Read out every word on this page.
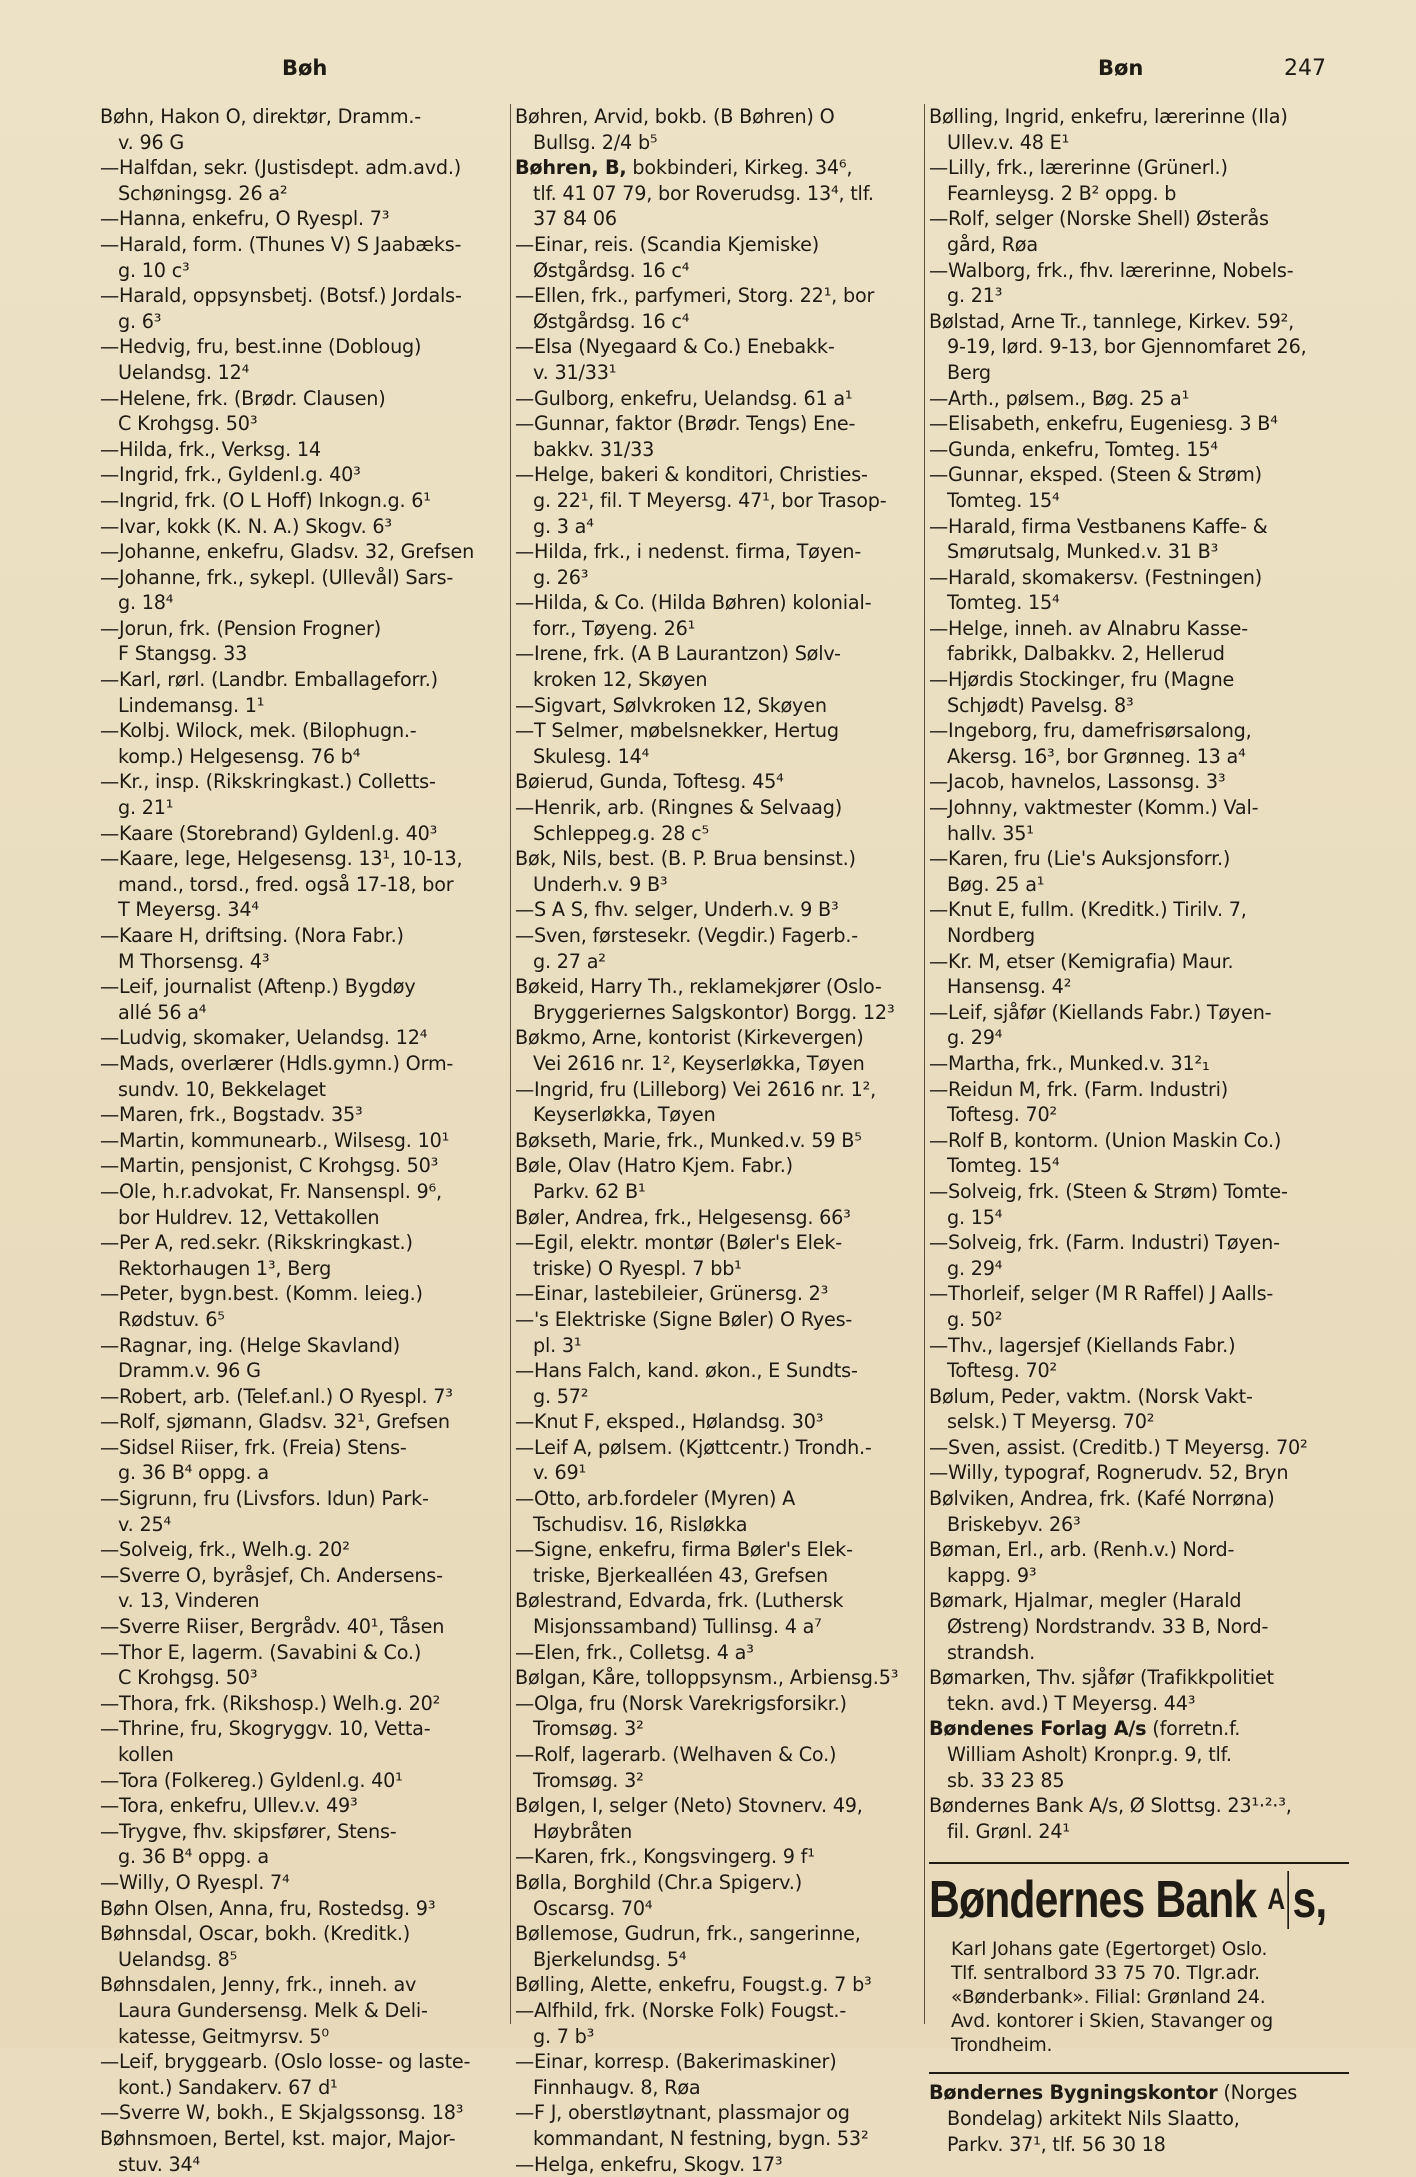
Bøh	Bøn	247
Bøhn, Hakon O, direktør, Dramm.-
v. 96 G
—Halfdan, sekr. (Justisdept. adm.avd.)
Schøningsg. 26 a²
—Hanna, enkefru, O Ryespl. 7³
—Harald, form. (Thunes V) S Jaabæks-
g. 10 c³
—Harald, oppsynsbetj. (Botsf.) Jordals-
g. 6³
—Hedvig, fru, best.inne (Dobloug)
Uelandsg. 12⁴
—Helene, frk. (Brødr. Clausen)
C Krohgsg. 50³
—Hilda, frk., Verksg. 14
—Ingrid, frk., Gyldenl.g. 40³
—Ingrid, frk. (O L Hoff) Inkogn.g. 6¹
—Ivar, kokk (K. N. A.) Skogv. 6³
—Johanne, enkefru, Gladsv. 32, Grefsen
—Johanne, frk., sykepl. (Ullevål) Sars-
g. 18⁴
—Jorun, frk. (Pension Frogner)
F Stangsg. 33
—Karl, rørl. (Landbr. Emballageforr.)
Lindemansg. 1¹
—Kolbj. Wilock, mek. (Bilophugn.-
komp.) Helgesensg. 76 b⁴
—Kr., insp. (Rikskringkast.) Colletts-
g. 21¹
—Kaare (Storebrand) Gyldenl.g. 40³
—Kaare, lege, Helgesensg. 13¹, 10-13,
mand., torsd., fred. også 17-18, bor
T Meyersg. 34⁴
—Kaare H, driftsing. (Nora Fabr.)
M Thorsensg. 4³
—Leif, journalist (Aftenp.) Bygdøy
allé 56 a⁴
—Ludvig, skomaker, Uelandsg. 12⁴
—Mads, overlærer (Hdls.gymn.) Orm-
sundv. 10, Bekkelaget
—Maren, frk., Bogstadv. 35³
—Martin, kommunearb., Wilsesg. 10¹
—Martin, pensjonist, C Krohgsg. 50³
—Ole, h.r.advokat, Fr. Nansenspl. 9⁶,
bor Huldrev. 12, Vettakollen
—Per A, red.sekr. (Rikskringkast.)
Rektorhaugen 1³, Berg
—Peter, bygn.best. (Komm. leieg.)
Rødstuv. 6⁵
—Ragnar, ing. (Helge Skavland)
Dramm.v. 96 G
—Robert, arb. (Telef.anl.) O Ryespl. 7³
—Rolf, sjømann, Gladsv. 32¹, Grefsen
—Sidsel Riiser, frk. (Freia) Stens-
g. 36 B⁴ oppg. a
—Sigrunn, fru (Livsfors. Idun) Park-
v. 25⁴
—Solveig, frk., Welh.g. 20²
—Sverre O, byråsjef, Ch. Andersens-
v. 13, Vinderen
—Sverre Riiser, Bergrådv. 40¹, Tåsen
—Thor E, lagerm. (Savabini & Co.)
C Krohgsg. 50³
—Thora, frk. (Rikshosp.) Welh.g. 20²
—Thrine, fru, Skogryggv. 10, Vetta-
kollen
—Tora (Folkereg.) Gyldenl.g. 40¹
—Tora, enkefru, Ullev.v. 49³
—Trygve, fhv. skipsfører, Stens-
g. 36 B⁴ oppg. a
—Willy, O Ryespl. 7⁴
Bøhn Olsen, Anna, fru, Rostedsg. 9³
Bøhnsdal, Oscar, bokh. (Kreditk.)
Uelandsg. 8⁵
Bøhnsdalen, Jenny, frk., inneh. av
Laura Gundersensg. Melk & Deli-
katesse, Geitmyrsv. 5⁰
—Leif, bryggearb. (Oslo losse- og laste-
kont.) Sandakerv. 67 d¹
—Sverre W, bokh., E Skjalgssonsg. 18³
Bøhnsmoen, Bertel, kst. major, Major-
stuv. 34⁴
Bøhren, Arvid, bokb. (B Bøhren) O
Bullsg. 2/4 b⁵
Bøhren, B, bokbinderi, Kirkeg. 34⁶,
tlf. 41 07 79, bor Roverudsg. 13⁴, tlf.
37 84 06
—Einar, reis. (Scandia Kjemiske)
Østgårdsg. 16 c⁴
—Ellen, frk., parfymeri, Storg. 22¹, bor
Østgårdsg. 16 c⁴
—Elsa (Nyegaard & Co.) Enebakk-
v. 31/33¹
—Gulborg, enkefru, Uelandsg. 61 a¹
—Gunnar, faktor (Brødr. Tengs) Ene-
bakkv. 31/33
—Helge, bakeri & konditori, Christies-
g. 22¹, fil. T Meyersg. 47¹, bor Trasop-
g. 3 a⁴
—Hilda, frk., i nedenst. firma, Tøyen-
g. 26³
—Hilda, & Co. (Hilda Bøhren) kolonial-
forr., Tøyeng. 26¹
—Irene, frk. (A B Laurantzon) Sølv-
kroken 12, Skøyen
—Sigvart, Sølvkroken 12, Skøyen
—T Selmer, møbelsnekker, Hertug
Skulesg. 14⁴
Bøierud, Gunda, Toftesg. 45⁴
—Henrik, arb. (Ringnes & Selvaag)
Schleppeg.g. 28 c⁵
Bøk, Nils, best. (B. P. Brua bensinst.)
Underh.v. 9 B³
—S A S, fhv. selger, Underh.v. 9 B³
—Sven, førstesekr. (Vegdir.) Fagerb.-
g. 27 a²
Bøkeid, Harry Th., reklamekjører (Oslo-
Bryggeriernes Salgskontor) Borgg. 12³
Bøkmo, Arne, kontorist (Kirkevergen)
Vei 2616 nr. 1², Keyserløkka, Tøyen
—Ingrid, fru (Lilleborg) Vei 2616 nr. 1²,
Keyserløkka, Tøyen
Bøkseth, Marie, frk., Munked.v. 59 B⁵
Bøle, Olav (Hatro Kjem. Fabr.)
Parkv. 62 B¹
Bøler, Andrea, frk., Helgesensg. 66³
—Egil, elektr. montør (Bøler's Elek-
triske) O Ryespl. 7 bb¹
—Einar, lastebileier, Grünersg. 2³
—'s Elektriske (Signe Bøler) O Ryes-
pl. 3¹
—Hans Falch, kand. økon., E Sundts-
g. 57²
—Knut F, eksped., Hølandsg. 30³
—Leif A, pølsem. (Kjøttcentr.) Trondh.-
v. 69¹
—Otto, arb.fordeler (Myren) A
Tschudisv. 16, Risløkka
—Signe, enkefru, firma Bøler's Elek-
triske, Bjerkealléen 43, Grefsen
Bølestrand, Edvarda, frk. (Luthersk
Misjonssamband) Tullinsg. 4 a⁷
—Elen, frk., Colletsg. 4 a³
Bølgan, Kåre, tolloppsynsm., Arbiensg.5³
—Olga, fru (Norsk Varekrigsforsikr.)
Tromsøg. 3²
—Rolf, lagerarb. (Welhaven & Co.)
Tromsøg. 3²
Bølgen, I, selger (Neto) Stovnerv. 49,
Høybråten
—Karen, frk., Kongsvingerg. 9 f¹
Bølla, Borghild (Chr.a Spigerv.)
Oscarsg. 70⁴
Bøllemose, Gudrun, frk., sangerinne,
Bjerkelundsg. 5⁴
Bølling, Alette, enkefru, Fougst.g. 7 b³
—Alfhild, frk. (Norske Folk) Fougst.-
g. 7 b³
—Einar, korresp. (Bakerimaskiner)
Finnhaugv. 8, Røa
—F J, oberstløytnant, plassmajor og
kommandant, N festning, bygn. 53²
—Helga, enkefru, Skogv. 17³
Bølling, Ingrid, enkefru, lærerinne (Ila)
Ullev.v. 48 E¹
—Lilly, frk., lærerinne (Grünerl.)
Fearnleysg. 2 B² oppg. b
—Rolf, selger (Norske Shell) Østerås
gård, Røa
—Walborg, frk., fhv. lærerinne, Nobels-
g. 21³
Bølstad, Arne Tr., tannlege, Kirkev. 59²,
9-19, lørd. 9-13, bor Gjennomfaret 26,
Berg
—Arth., pølsem., Bøg. 25 a¹
—Elisabeth, enkefru, Eugeniesg. 3 B⁴
—Gunda, enkefru, Tomteg. 15⁴
—Gunnar, eksped. (Steen & Strøm)
Tomteg. 15⁴
—Harald, firma Vestbanens Kaffe- &
Smørutsalg, Munked.v. 31 B³
—Harald, skomakersv. (Festningen)
Tomteg. 15⁴
—Helge, inneh. av Alnabru Kasse-
fabrikk, Dalbakkv. 2, Hellerud
—Hjørdis Stockinger, fru (Magne
Schjødt) Pavelsg. 8³
—Ingeborg, fru, damefrisørsalong,
Akersg. 16³, bor Grønneg. 13 a⁴
—Jacob, havnelos, Lassonsg. 3³
—Johnny, vaktmester (Komm.) Val-
hallv. 35¹
—Karen, fru (Lie's Auksjonsforr.)
Bøg. 25 a¹
—Knut E, fullm. (Kreditk.) Tirilv. 7,
Nordberg
—Kr. M, etser (Kemigrafia) Maur.
Hansensg. 4²
—Leif, sjåfør (Kiellands Fabr.) Tøyen-
g. 29⁴
—Martha, frk., Munked.v. 31²₁
—Reidun M, frk. (Farm. Industri)
Toftesg. 70²
—Rolf B, kontorm. (Union Maskin Co.)
Tomteg. 15⁴
—Solveig, frk. (Steen & Strøm) Tomte-
g. 15⁴
—Solveig, frk. (Farm. Industri) Tøyen-
g. 29⁴
—Thorleif, selger (M R Raffel) J Aalls-
g. 50²
—Thv., lagersjef (Kiellands Fabr.)
Toftesg. 70²
Bølum, Peder, vaktm. (Norsk Vakt-
selsk.) T Meyersg. 70²
—Sven, assist. (Creditb.) T Meyersg. 70²
—Willy, typograf, Rognerudv. 52, Bryn
Bølviken, Andrea, frk. (Kafé Norrøna)
Briskebyv. 26³
Bøman, Erl., arb. (Renh.v.) Nord-
kappg. 9³
Bømark, Hjalmar, megler (Harald
Østreng) Nordstrandv. 33 B, Nord-
strandsh.
Bømarken, Thv. sjåfør (Trafikkpolitiet
tekn. avd.) T Meyersg. 44³
Bøndenes Forlag A/s (forretn.f.
William Asholt) Kronpr.g. 9, tlf.
sb. 33 23 85
Bøndernes Bank A/s, Ø Slottsg. 23¹·²·³,
fil. Grønl. 24¹
Bøndernes Bank $^A$ s,
Karl Johans gate (Egertorget) Oslo.
Tlf. sentralbord 33 75 70. Tlgr.adr.
«Bønderbank». Filial: Grønland 24.
Avd. kontorer i Skien, Stavanger og
Trondheim.
Bøndernes Bygningskontor (Norges
Bondelag) arkitekt Nils Slaatto,
Parkv. 37¹, tlf. 56 30 18
